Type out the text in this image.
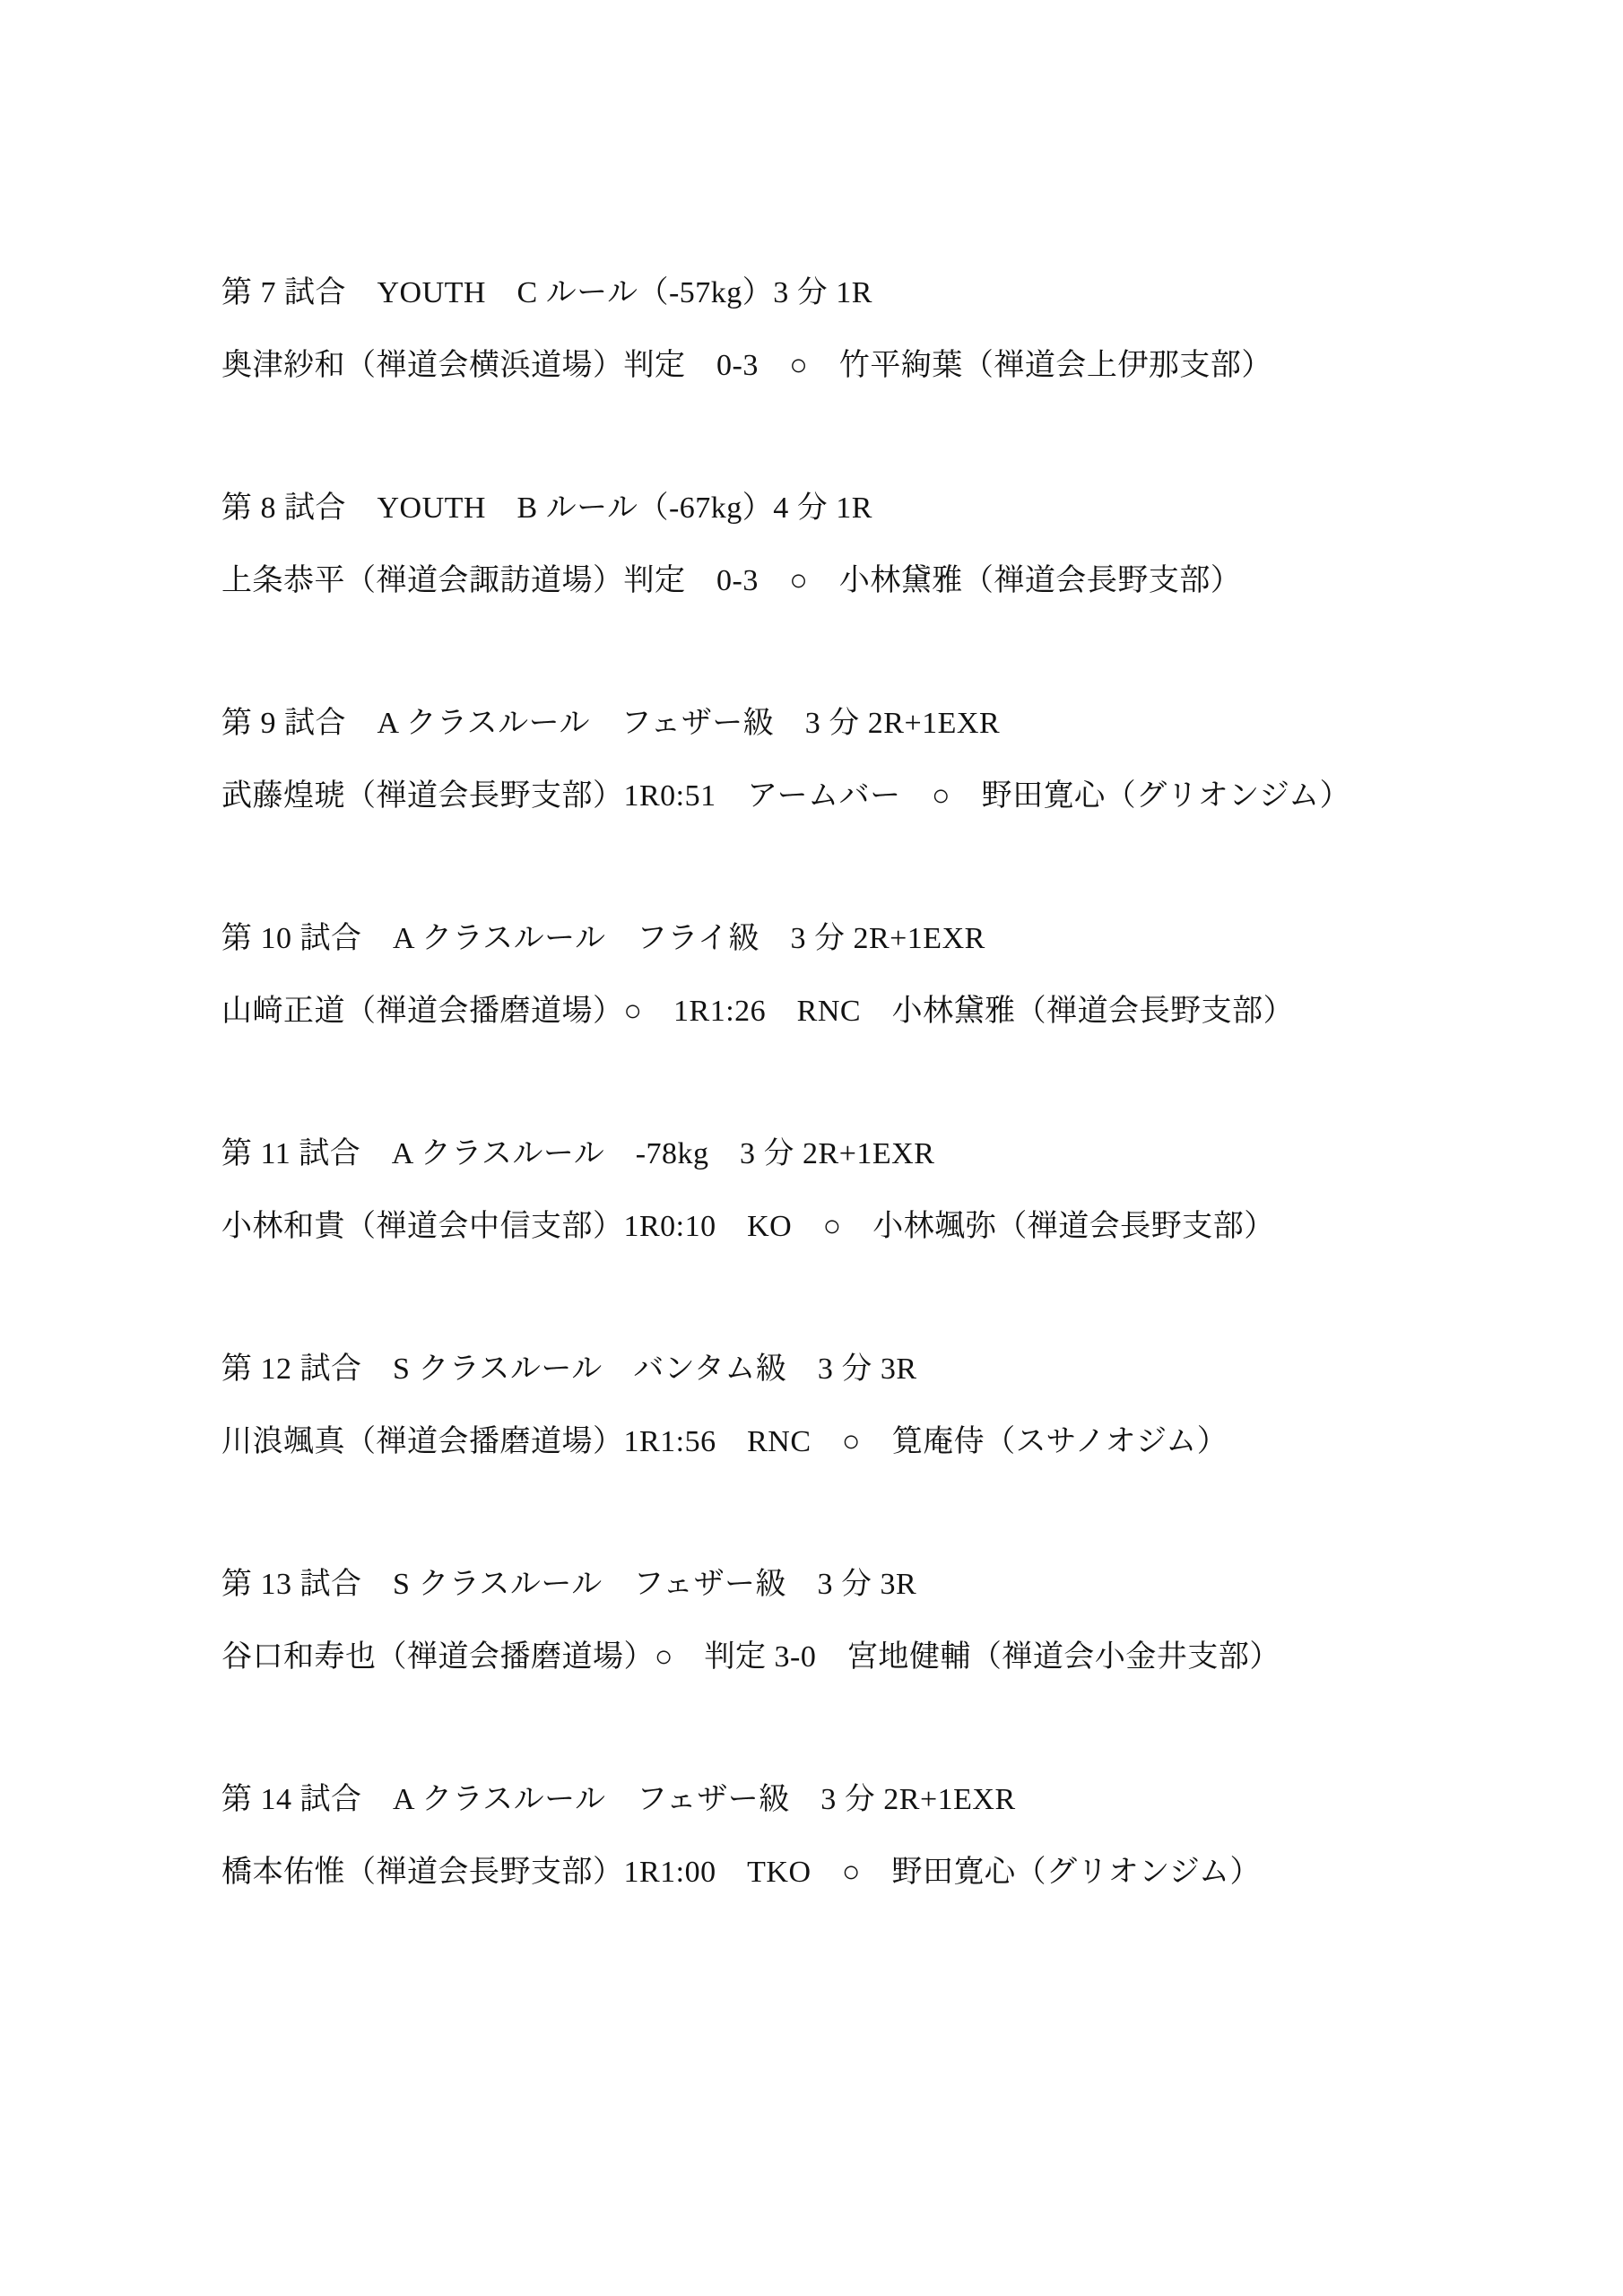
第 7 試合　YOUTH　C ルール（-57kg）3 分 1R

奥津紗和（禅道会横浜道場）判定　0-3　○　竹平絢葉（禅道会上伊那支部）

第 8 試合　YOUTH　B ルール（-67kg）4 分 1R

上条恭平（禅道会諏訪道場）判定　0-3　○　小林黛雅（禅道会長野支部）

第 9 試合　A クラスルール　フェザー級　3 分 2R+1EXR

武藤煌琥（禅道会長野支部）1R0:51　アームバー　○　野田寛心（グリオンジム）

第 10 試合　A クラスルール　フライ級　3 分 2R+1EXR

山﨑正道（禅道会播磨道場）○　1R1:26　RNC　小林黛雅（禅道会長野支部）

第 11 試合　A クラスルール　-78kg　3 分 2R+1EXR

小林和貴（禅道会中信支部）1R0:10　KO　○　小林颯弥（禅道会長野支部）

第 12 試合　S クラスルール　バンタム級　3 分 3R

川浪颯真（禅道会播磨道場）1R1:56　RNC　○　筧庵侍（スサノオジム）

第 13 試合　S クラスルール　フェザー級　3 分 3R

谷口和寿也（禅道会播磨道場）○　判定 3-0　宮地健輔（禅道会小金井支部）

第 14 試合　A クラスルール　フェザー級　3 分 2R+1EXR

橋本佑惟（禅道会長野支部）1R1:00　TKO　○　野田寛心（グリオンジム）
